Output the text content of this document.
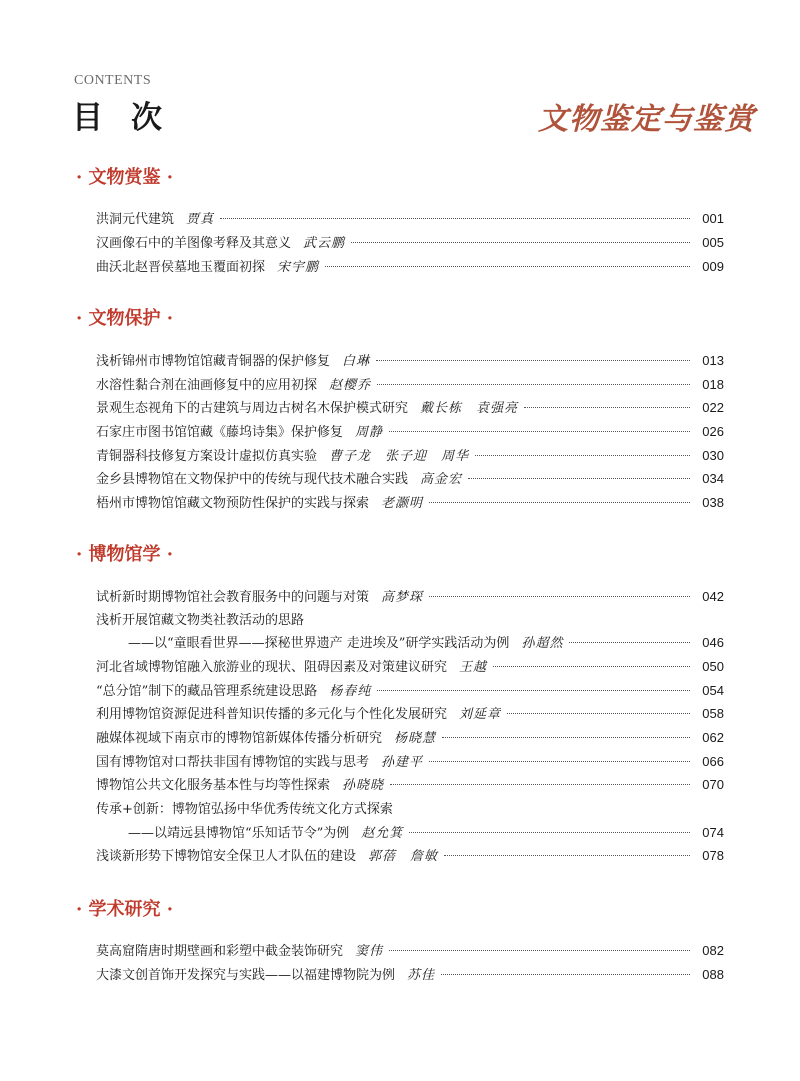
CONTENTS
目次	文物鉴定与鉴赏
· 文物赏鉴 ·
洪洞元代建筑 贾真	001
汉画像石中的羊图像考释及其意义 武云鹏	005
曲沃北赵晋侯墓地玉覆面初探 宋宇鹏	009
· 文物保护 ·
浅析锦州市博物馆馆藏青铜器的保护修复 白琳	013
水溶性黏合剂在油画修复中的应用初探 赵樱乔	018
景观生态视角下的古建筑与周边古树名木保护模式研究 戴长栋　袁强亮	022
石家庄市图书馆馆藏《藤坞诗集》保护修复 周静	026
青铜器科技修复方案设计虚拟仿真实验 曹子龙　张子迎　周华	030
金乡县博物馆在文物保护中的传统与现代技术融合实践 高金宏	034
梧州市博物馆馆藏文物预防性保护的实践与探索 老灏明	038
· 博物馆学 ·
试析新时期博物馆社会教育服务中的问题与对策 高梦琛	042
浅析开展馆藏文物类社教活动的思路
——以“童眼看世界——探秘世界遗产 走进埃及”研学实践活动为例 孙超然	046
河北省域博物馆融入旅游业的现状、阻碍因素及对策建议研究 王越	050
“总分馆”制下的藏品管理系统建设思路 杨春纯	054
利用博物馆资源促进科普知识传播的多元化与个性化发展研究 刘延章	058
融媒体视域下南京市的博物馆新媒体传播分析研究 杨晓慧	062
国有博物馆对口帮扶非国有博物馆的实践与思考 孙建平	066
博物馆公共文化服务基本性与均等性探索 孙晓晓	070
传承+创新：博物馆弘扬中华优秀传统文化方式探索
——以靖远县博物馆“乐知话节令”为例 赵允箕	074
浅谈新形势下博物馆安全保卫人才队伍的建设 郭蓓　詹敏	078
· 学术研究 ·
莫高窟隋唐时期壁画和彩塑中截金装饰研究 窦伟	082
大漆文创首饰开发探究与实践——以福建博物院为例 苏佳	088
